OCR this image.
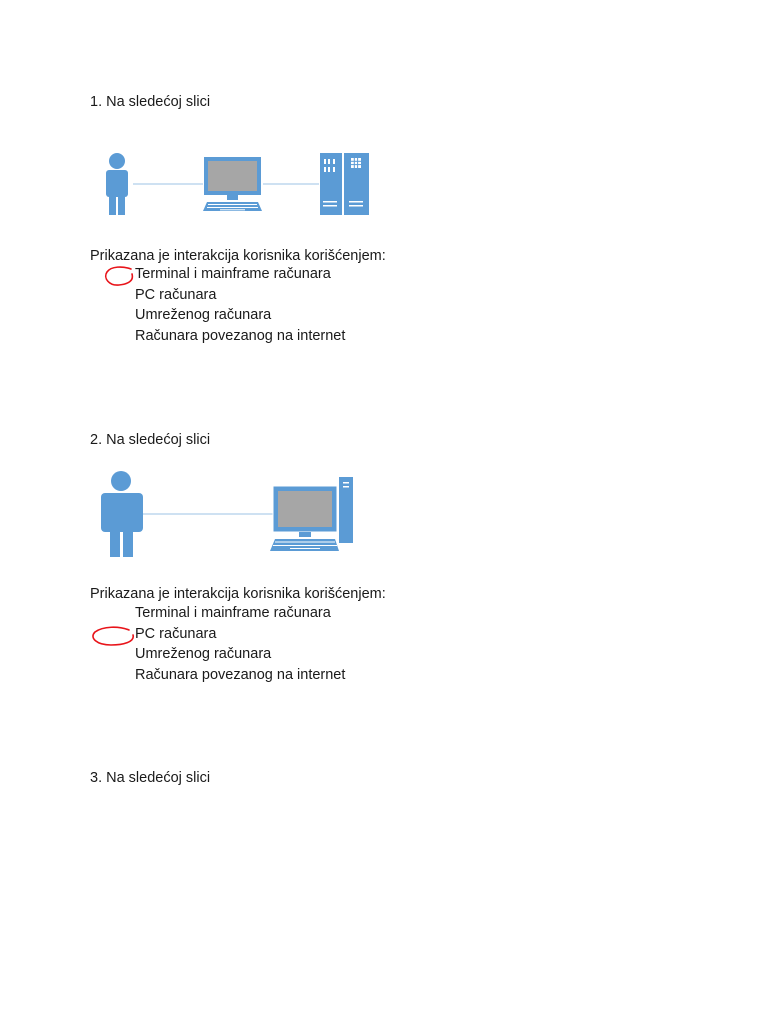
1. Na sledećoj slici
Prikazana je interakcija korisnika korišćenjem:
Terminal i mainframe računara
PC računara
Umreženog računara
Računara povezanog na internet
2. Na sledećoj slici
Prikazana je interakcija korisnika korišćenjem:
Terminal i mainframe računara
PC računara
Umreženog računara
Računara povezanog na internet
3. Na sledećoj slici
